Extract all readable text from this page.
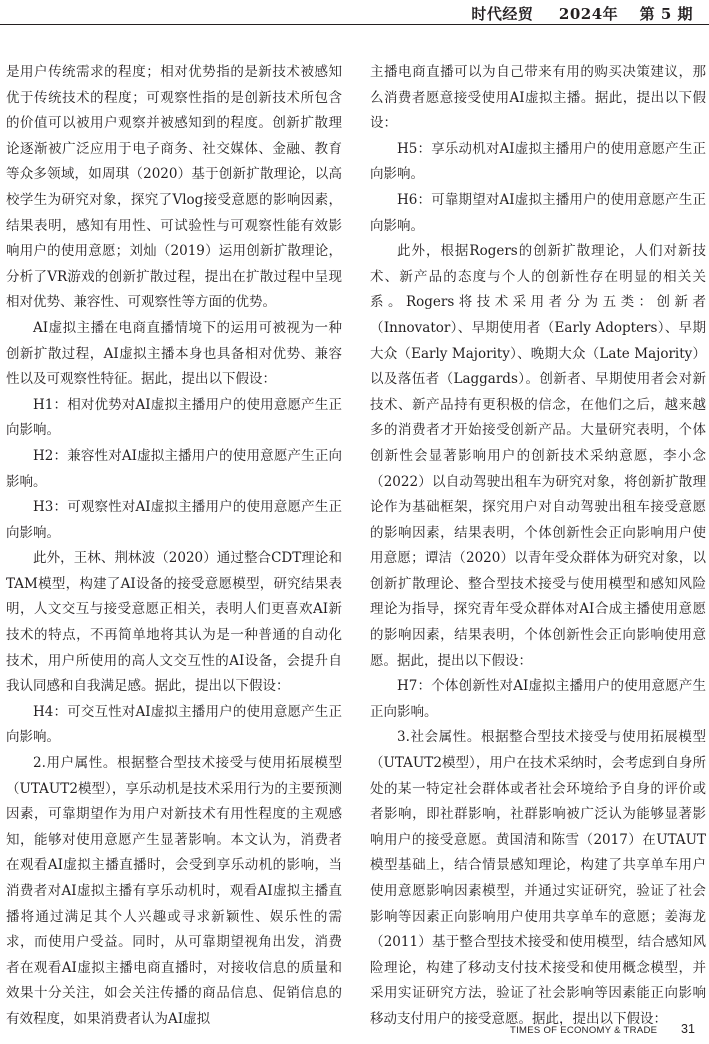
时代经贸 2024年 第 5 期

是用户传统需求的程度；相对优势指的是新技术被感知优于传统技术的程度；可观察性指的是创新技术所包含的价值可以被用户观察并被感知到的程度。创新扩散理论逐渐被广泛应用于电子商务、社交媒体、金融、教育等众多领域，如周琪（2020）基于创新扩散理论，以高校学生为研究对象，探究了Vlog接受意愿的影响因素，结果表明，感知有用性、可试验性与可观察性能有效影响用户的使用意愿；刘灿（2019）运用创新扩散理论，分析了VR游戏的创新扩散过程，提出在扩散过程中呈现相对优势、兼容性、可观察性等方面的优势。

AI虚拟主播在电商直播情境下的运用可被视为一种创新扩散过程，AI虚拟主播本身也具备相对优势、兼容性以及可观察性特征。据此，提出以下假设：

H1：相对优势对AI虚拟主播用户的使用意愿产生正向影响。

H2：兼容性对AI虚拟主播用户的使用意愿产生正向影响。

H3：可观察性对AI虚拟主播用户的使用意愿产生正向影响。

此外，王林、荆林波（2020）通过整合CDT理论和TAM模型，构建了AI设备的接受意愿模型，研究结果表明，人文交互与接受意愿正相关，表明人们更喜欢AI新技术的特点，不再简单地将其认为是一种普通的自动化技术，用户所使用的高人文交互性的AI设备，会提升自我认同感和自我满足感。据此，提出以下假设：

H4：可交互性对AI虚拟主播用户的使用意愿产生正向影响。

2.用户属性。根据整合型技术接受与使用拓展模型（UTAUT2模型），享乐动机是技术采用行为的主要预测因素，可靠期望作为用户对新技术有用性程度的主观感知，能够对使用意愿产生显著影响。本文认为，消费者在观看AI虚拟主播直播时，会受到享乐动机的影响，当消费者对AI虚拟主播有享乐动机时，观看AI虚拟主播直播将通过满足其个人兴趣或寻求新颖性、娱乐性的需求，而使用户受益。同时，从可靠期望视角出发，消费者在观看AI虚拟主播电商直播时，对接收信息的质量和效果十分关注，如会关注传播的商品信息、促销信息的有效程度，如果消费者认为AI虚拟

主播电商直播可以为自己带来有用的购买决策建议，那么消费者愿意接受使用AI虚拟主播。据此，提出以下假设：

H5：享乐动机对AI虚拟主播用户的使用意愿产生正向影响。

H6：可靠期望对AI虚拟主播用户的使用意愿产生正向影响。

此外，根据Rogers的创新扩散理论，人们对新技术、新产品的态度与个人的创新性存在明显的相关关系。Rogers将技术采用者分为五类：创新者（Innovator）、早期使用者（Early Adopters）、早期大众（Early Majority）、晚期大众（Late Majority）以及落伍者（Laggards）。创新者、早期使用者会对新技术、新产品持有更积极的信念，在他们之后，越来越多的消费者才开始接受创新产品。大量研究表明，个体创新性会显著影响用户的创新技术采纳意愿，李小念（2022）以自动驾驶出租车为研究对象，将创新扩散理论作为基础框架，探究用户对自动驾驶出租车接受意愿的影响因素，结果表明，个体创新性会正向影响用户使用意愿；谭洁（2020）以青年受众群体为研究对象，以创新扩散理论、整合型技术接受与使用模型和感知风险理论为指导，探究青年受众群体对AI合成主播使用意愿的影响因素，结果表明，个体创新性会正向影响使用意愿。据此，提出以下假设：

H7：个体创新性对AI虚拟主播用户的使用意愿产生正向影响。

3.社会属性。根据整合型技术接受与使用拓展模型（UTAUT2模型），用户在技术采纳时，会考虑到自身所处的某一特定社会群体或者社会环境给予自身的评价或者影响，即社群影响，社群影响被广泛认为能够显著影响用户的接受意愿。黄国清和陈雪（2017）在UTAUT模型基础上，结合情景感知理论，构建了共享单车用户使用意愿影响因素模型，并通过实证研究，验证了社会影响等因素正向影响用户使用共享单车的意愿；姜海龙（2011）基于整合型技术接受和使用模型，结合感知风险理论，构建了移动支付技术接受和使用概念模型，并采用实证研究方法，验证了社会影响等因素能正向影响移动支付用户的接受意愿。据此，提出以下假设：

TIMES OF ECONOMY & TRADE 31
